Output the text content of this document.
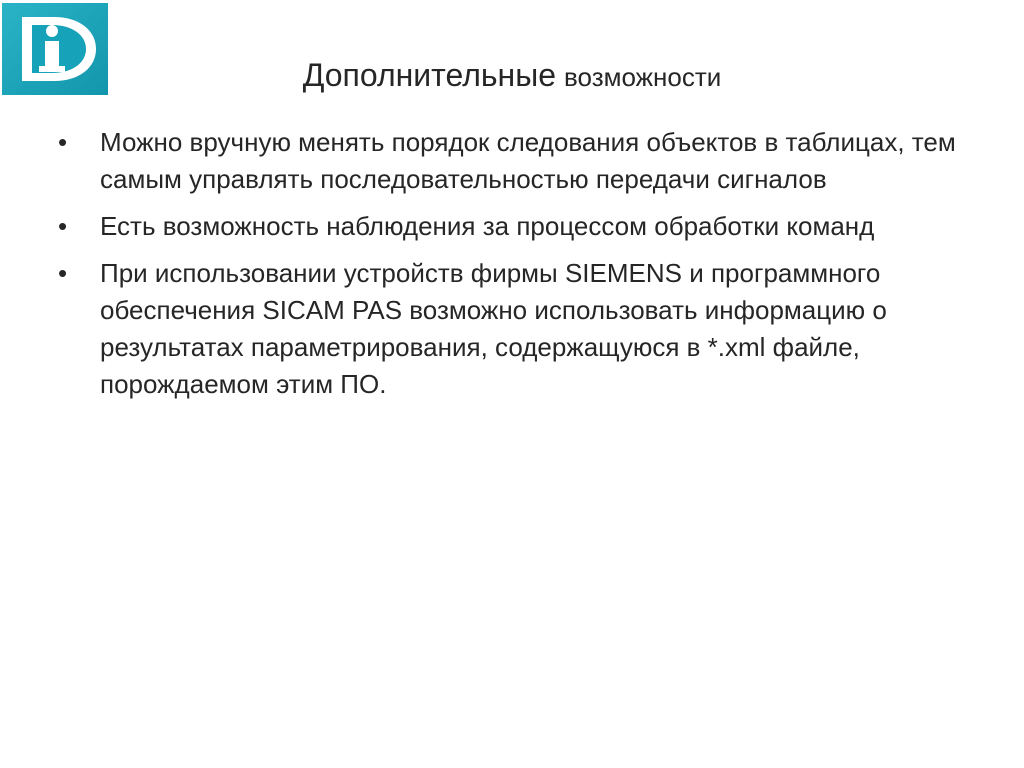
Дополнительные возможности
• Можно вручную менять порядок следования объектов в таблицах, тем самым управлять последовательностью передачи сигналов
• Есть возможность наблюдения за процессом обработки команд
• При использовании устройств фирмы SIEMENS и программного обеспечения SICAM PAS возможно использовать информацию о результатах параметрирования, содержащуюся в *.xml файле, порождаемом этим ПО.
